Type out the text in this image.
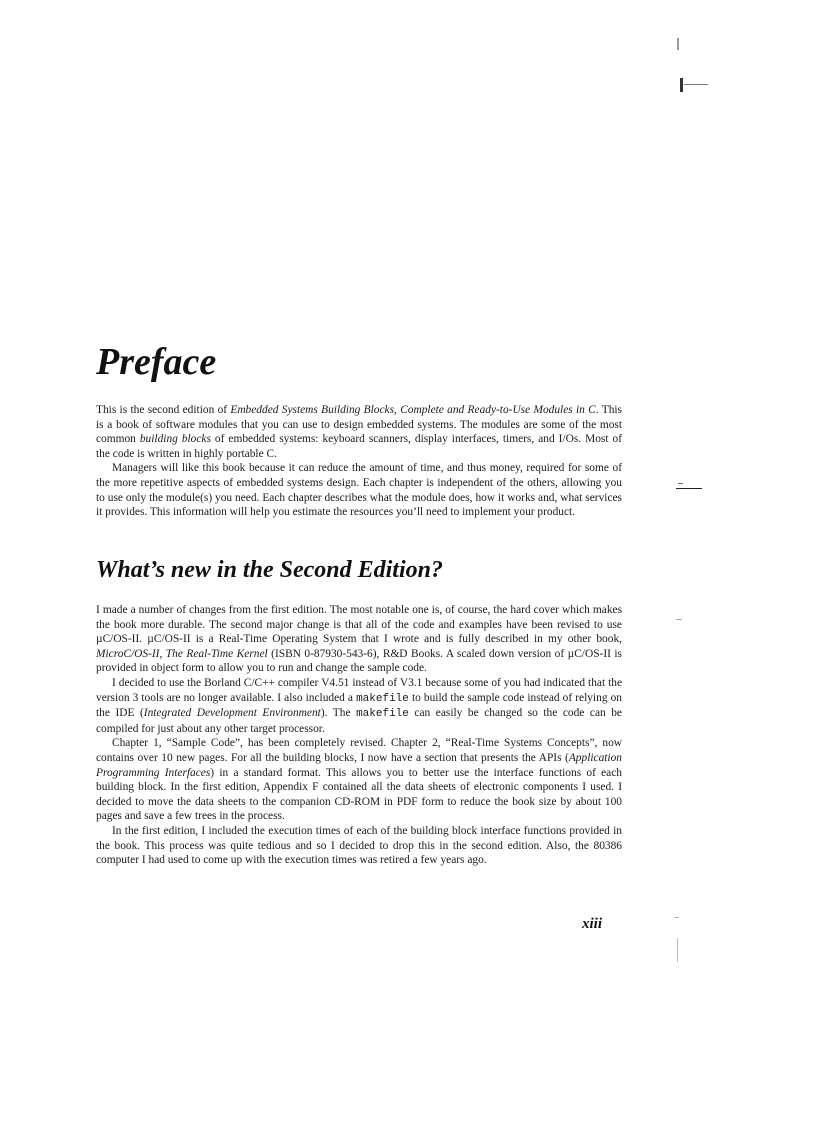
Preface

This is the second edition of Embedded Systems Building Blocks, Complete and Ready-to-Use Modules in C. This is a book of software modules that you can use to design embedded systems. The modules are some of the most common building blocks of embedded systems: keyboard scanners, display interfaces, timers, and I/Os. Most of the code is written in highly portable C.

Managers will like this book because it can reduce the amount of time, and thus money, required for some of the more repetitive aspects of embedded systems design. Each chapter is independent of the others, allowing you to use only the module(s) you need. Each chapter describes what the module does, how it works and, what services it provides. This information will help you estimate the resources you’ll need to implement your product.

What’s new in the Second Edition?

I made a number of changes from the first edition. The most notable one is, of course, the hard cover which makes the book more durable. The second major change is that all of the code and examples have been revised to use µC/OS-II. µC/OS-II is a Real-Time Operating System that I wrote and is fully described in my other book, MicroC/OS-II, The Real-Time Kernel (ISBN 0-87930-543-6), R&D Books. A scaled down version of µC/OS-II is provided in object form to allow you to run and change the sample code.

I decided to use the Borland C/C++ compiler V4.51 instead of V3.1 because some of you had indicated that the version 3 tools are no longer available. I also included a makefile to build the sample code instead of relying on the IDE (Integrated Development Environment). The makefile can easily be changed so the code can be compiled for just about any other target processor.

Chapter 1, “Sample Code”, has been completely revised. Chapter 2, “Real-Time Systems Concepts”, now contains over 10 new pages. For all the building blocks, I now have a section that presents the APIs (Application Programming Interfaces) in a standard format. This allows you to better use the interface functions of each building block. In the first edition, Appendix F contained all the data sheets of electronic components I used. I decided to move the data sheets to the companion CD-ROM in PDF form to reduce the book size by about 100 pages and save a few trees in the process.

In the first edition, I included the execution times of each of the building block interface functions provided in the book. This process was quite tedious and so I decided to drop this in the second edition. Also, the 80386 computer I had used to come up with the execution times was retired a few years ago.

xiii
